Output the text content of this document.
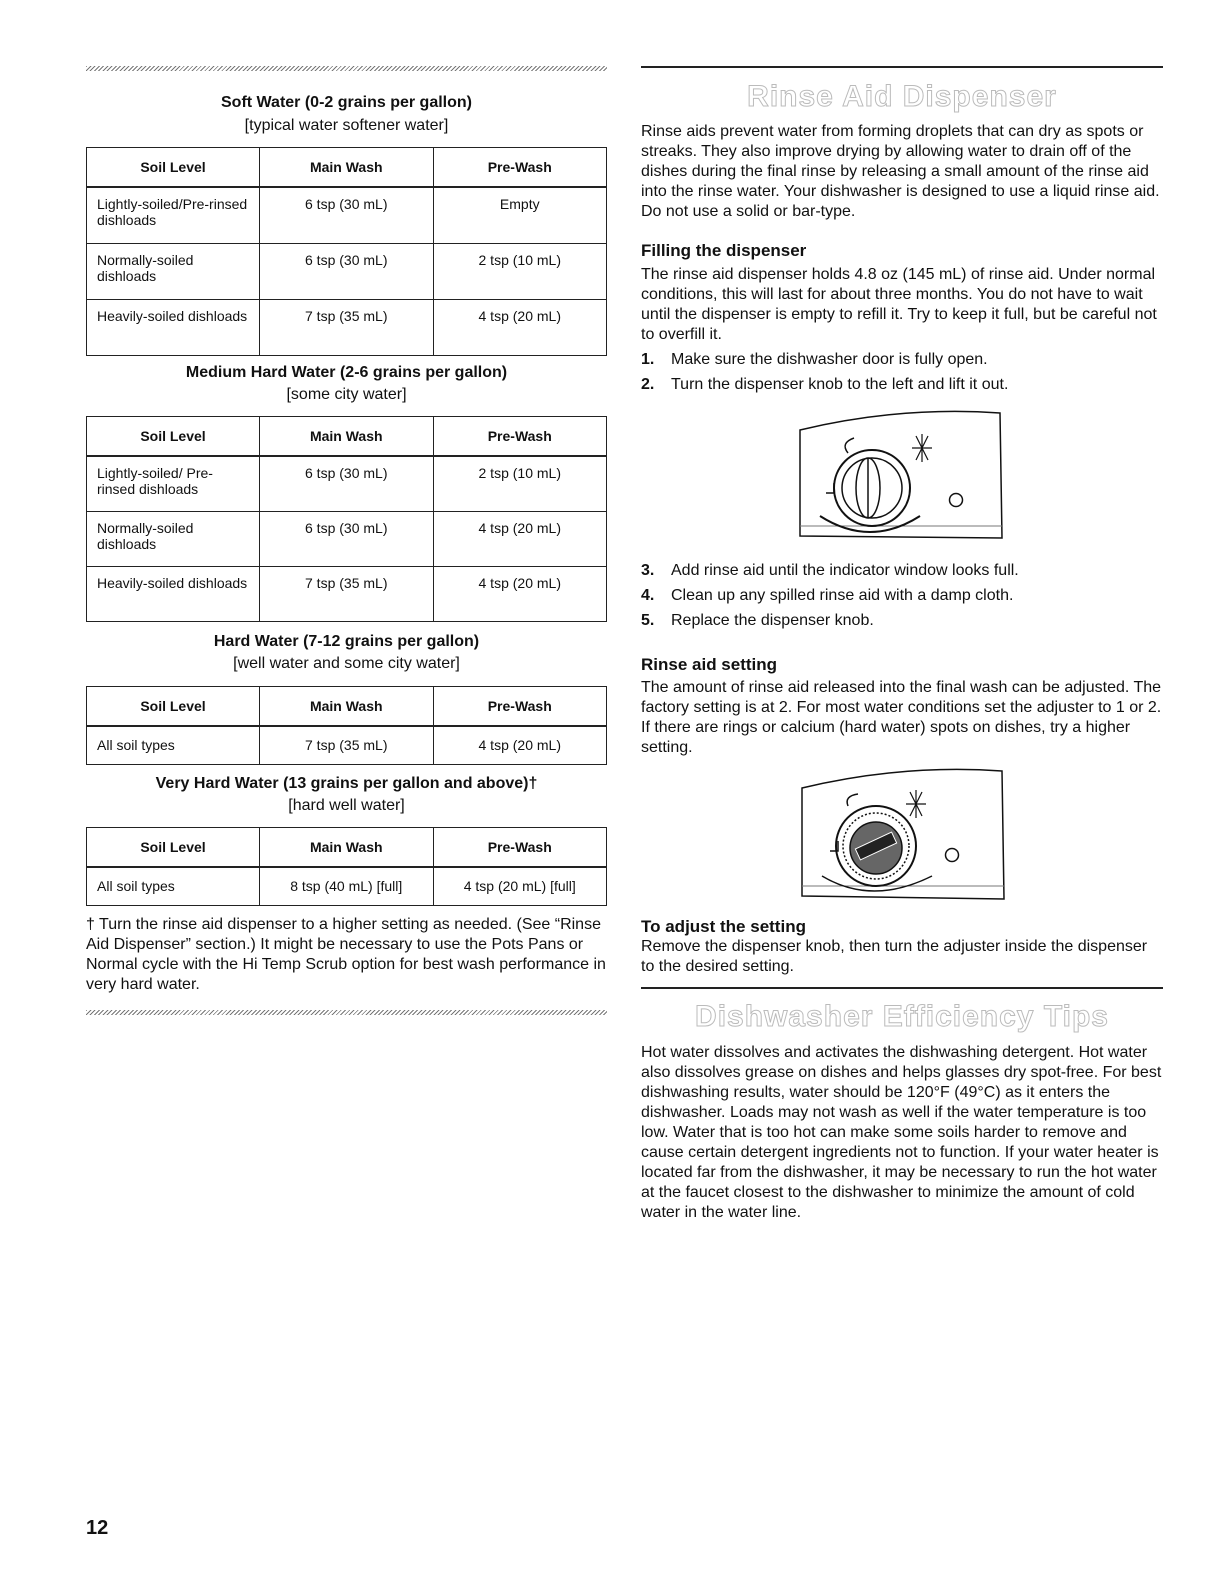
Soft Water (0-2 grains per gallon)
[typical water softener water]
Soil Level	Main Wash	Pre-Wash
Lightly-soiled/Pre-rinsed dishloads	6 tsp (30 mL)	Empty
Normally-soiled dishloads	6 tsp (30 mL)	2 tsp (10 mL)
Heavily-soiled dishloads	7 tsp (35 mL)	4 tsp (20 mL)
Medium Hard Water (2-6 grains per gallon)
[some city water]
Soil Level	Main Wash	Pre-Wash
Lightly-soiled/ Pre-rinsed dishloads	6 tsp (30 mL)	2 tsp (10 mL)
Normally-soiled dishloads	6 tsp (30 mL)	4 tsp (20 mL)
Heavily-soiled dishloads	7 tsp (35 mL)	4 tsp (20 mL)
Hard Water (7-12 grains per gallon)
[well water and some city water]
Soil Level	Main Wash	Pre-Wash
All soil types	7 tsp (35 mL)	4 tsp (20 mL)
Very Hard Water (13 grains per gallon and above)†
[hard well water]
Soil Level	Main Wash	Pre-Wash
All soil types	8 tsp (40 mL) [full]	4 tsp (20 mL) [full]
† Turn the rinse aid dispenser to a higher setting as needed. (See “Rinse Aid Dispenser” section.) It might be necessary to use the Pots Pans or Normal cycle with the Hi Temp Scrub option for best wash performance in very hard water.
Rinse Aid Dispenser
Rinse aids prevent water from forming droplets that can dry as spots or streaks. They also improve drying by allowing water to drain off of the dishes during the final rinse by releasing a small amount of the rinse aid into the rinse water. Your dishwasher is designed to use a liquid rinse aid. Do not use a solid or bar-type.
Filling the dispenser
The rinse aid dispenser holds 4.8 oz (145 mL) of rinse aid. Under normal conditions, this will last for about three months. You do not have to wait until the dispenser is empty to refill it. Try to keep it full, but be careful not to overfill it.
1. Make sure the dishwasher door is fully open.
2. Turn the dispenser knob to the left and lift it out.
3. Add rinse aid until the indicator window looks full.
4. Clean up any spilled rinse aid with a damp cloth.
5. Replace the dispenser knob.
Rinse aid setting
The amount of rinse aid released into the final wash can be adjusted. The factory setting is at 2. For most water conditions set the adjuster to 1 or 2. If there are rings or calcium (hard water) spots on dishes, try a higher setting.
To adjust the setting
Remove the dispenser knob, then turn the adjuster inside the dispenser to the desired setting.
Dishwasher Efficiency Tips
Hot water dissolves and activates the dishwashing detergent. Hot water also dissolves grease on dishes and helps glasses dry spot-free. For best dishwashing results, water should be 120°F (49°C) as it enters the dishwasher. Loads may not wash as well if the water temperature is too low. Water that is too hot can make some soils harder to remove and cause certain detergent ingredients not to function. If your water heater is located far from the dishwasher, it may be necessary to run the hot water at the faucet closest to the dishwasher to minimize the amount of cold water in the water line.
12
